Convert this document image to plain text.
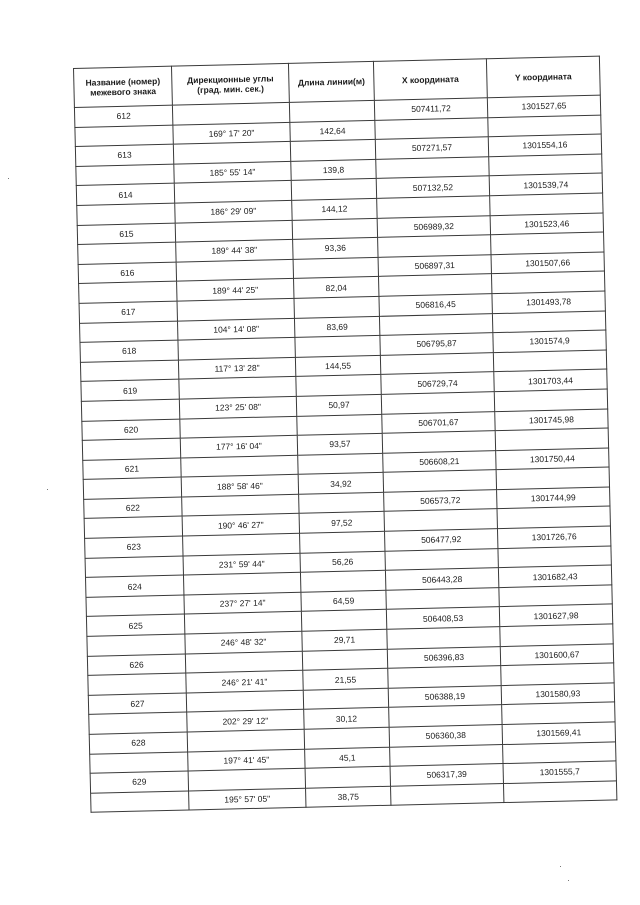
Название (номер)
межевого знака	Дирекционные углы
(град. мин. сек.)	Длина линии(м)	X координата	Y координата
612			507411,72	1301527,65
	169° 17' 20"	142,64		
613			507271,57	1301554,16
	185° 55' 14"	139,8		
614			507132,52	1301539,74
	186° 29' 09"	144,12		
615			506989,32	1301523,46
	189° 44' 38"	93,36		
616			506897,31	1301507,66
	189° 44' 25"	82,04		
617			506816,45	1301493,78
	104° 14' 08"	83,69		
618			506795,87	1301574,9
	117° 13' 28"	144,55		
619			506729,74	1301703,44
	123° 25' 08"	50,97		
620			506701,67	1301745,98
	177° 16' 04"	93,57		
621			506608,21	1301750,44
	188° 58' 46"	34,92		
622			506573,72	1301744,99
	190° 46' 27"	97,52		
623			506477,92	1301726,76
	231° 59' 44"	56,26		
624			506443,28	1301682,43
	237° 27' 14"	64,59		
625			506408,53	1301627,98
	246° 48' 32"	29,71		
626			506396,83	1301600,67
	246° 21' 41"	21,55		
627			506388,19	1301580,93
	202° 29' 12"	30,12		
628			506360,38	1301569,41
	197° 41' 45"	45,1		
629			506317,39	1301555,7
	195° 57' 05"	38,75		
